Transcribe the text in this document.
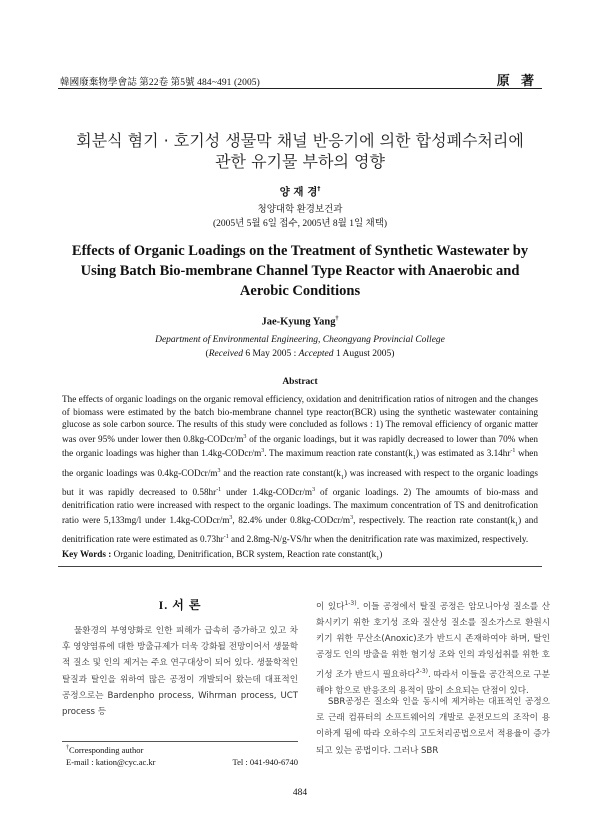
韓國廢棄物學會誌 第22卷 第5號 484~491 (2005)	原 著
회분식 혐기 · 호기성 생물막 채널 반응기에 의한 합성폐수처리에
관한 유기물 부하의 영향
양 재 경†
청양대학 환경보건과
(2005년 5월 6일 접수, 2005년 8월 1일 채택)
Effects of Organic Loadings on the Treatment of Synthetic Wastewater by
Using Batch Bio-membrane Channel Type Reactor with Anaerobic and
Aerobic Conditions
Jae-Kyung Yang†
Department of Environmental Engineering, Cheongyang Provincial College
(Received 6 May 2005 : Accepted 1 August 2005)
Abstract
The effects of organic loadings on the organic removal efficiency, oxidation and denitrification ratios of nitrogen and the changes of biomass were estimated by the batch bio-membrane channel type reactor(BCR) using the synthetic wastewater containing glucose as sole carbon source. The results of this study were concluded as follows : 1) The removal efficiency of organic matter was over 95% under lower then $0.8kg-CODcr/m^3$ of the organic loadings, but it was rapidly decreased to lower than 70% when the organic loadings was higher than $1.4kg-CODcr/m^3$. The maximum reaction rate $constant(k_1)$ was estimated as $3.14hr^{-1}$ when the organic loadings was $0.4kg-CODcr/m^3$ and the reaction rate $constant(k_1)$ was increased with respect to the organic loadings but it was rapidly decreased to $0.58hr^{-1}$ under $1.4kg-CODcr/m^3$ of organic loadings. 2) The amoumts of bio-mass and denitrification ratio were increased with respect to the organic loadings. The maximum concentration of TS and denitrofication ratio were 5,133mg/l under $1.4kg-CODcr/m^3$, 82.4% under $0.8kg-CODcr/m^3$, respectively. The reaction rate $constant(k_1)$ and denitrification rate were estimated as $0.73hr^{-1}$ and 2.8mg-N/g-VS/hr when the denitrification rate was maximized, respectively.
Key Words : Organic loading, Denitrification, BCR system, Reaction rate $constant(k_1)$
I. 서 론
물환경의 부영양화로 인한 피해가 급속히 증가하고 있고 차후 영양염류에 대한 방출규제가 더욱 강화될 전망이어서 생물학적 질소 및 인의 제거는 주요 연구대상이 되어 있다. 생물학적인 탈질과 탈인을 위하여 많은 공정이 개발되어 왔는데 대표적인 공정으로는 Bardenpho process, Wihrman process, UCT process 등
이 있다$^{1-3)}$. 이들 공정에서 탈질 공정은 암모니아성 질소를 산화시키기 위한 호기성 조와 질산성 질소를 질소가스로 환원시키기 위한 무산소(Anoxic)조가 반드시 존재하여야 하며, 탈인 공정도 인의 방출을 위한 혐기성 조와 인의 과잉섭취를 위한 호기성 조가 반드시 필요하다$^{2-3)}$. 따라서 이들을 공간적으로 구분해야 함으로 반응조의 용적이 많이 소요되는 단점이 있다.
SBR공정은 질소와 인을 동시에 제거하는 대표적인 공정으로 근래 컴퓨터의 소프트웨어의 개발로 운전모드의 조작이 용이하게 됨에 따라 오하수의 고도처리공법으로서 적용율이 증가되고 있는 공법이다. 그러나 SBR
†Corresponding author
E-mail : kation@cyc.ac.kr	Tel : 041-940-6740
484
